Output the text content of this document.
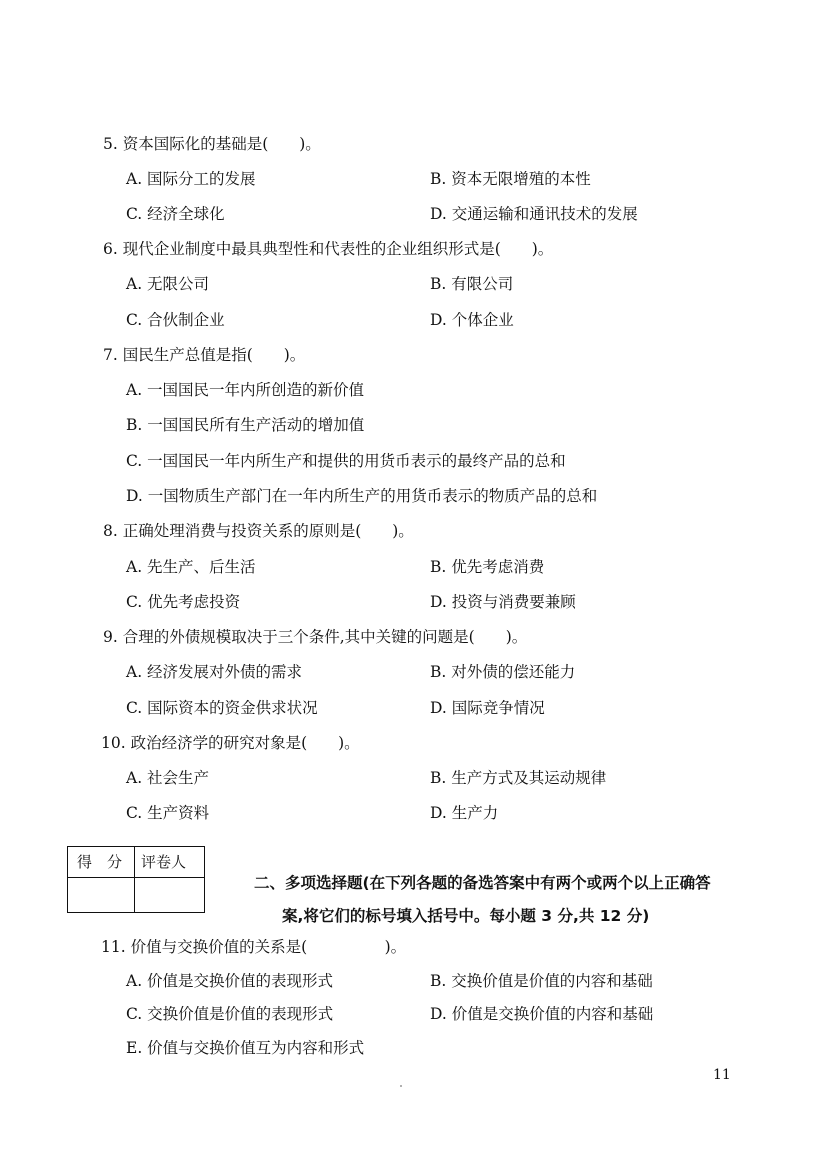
5. 资本国际化的基础是(　　)。
A. 国际分工的发展	B. 资本无限增殖的本性
C. 经济全球化	D. 交通运输和通讯技术的发展
6. 现代企业制度中最具典型性和代表性的企业组织形式是(　　)。
A. 无限公司	B. 有限公司
C. 合伙制企业	D. 个体企业
7. 国民生产总值是指(　　)。
A. 一国国民一年内所创造的新价值
B. 一国国民所有生产活动的增加值
C. 一国国民一年内所生产和提供的用货币表示的最终产品的总和
D. 一国物质生产部门在一年内所生产的用货币表示的物质产品的总和
8. 正确处理消费与投资关系的原则是(　　)。
A. 先生产、后生活	B. 优先考虑消费
C. 优先考虑投资	D. 投资与消费要兼顾
9. 合理的外债规模取决于三个条件,其中关键的问题是(　　)。
A. 经济发展对外债的需求	B. 对外债的偿还能力
C. 国际资本的资金供求状况	D. 国际竞争情况
10. 政治经济学的研究对象是(　　)。
A. 社会生产	B. 生产方式及其运动规律
C. 生产资料	D. 生产力
得　分 评卷人
二、多项选择题(在下列各题的备选答案中有两个或两个以上正确答
案,将它们的标号填入括号中。每小题 3 分,共 12 分)
11. 价值与交换价值的关系是(　　　　　)。
A. 价值是交换价值的表现形式	B. 交换价值是价值的内容和基础
C. 交换价值是价值的表现形式	D. 价值是交换价值的内容和基础
E. 价值与交换价值互为内容和形式
11
